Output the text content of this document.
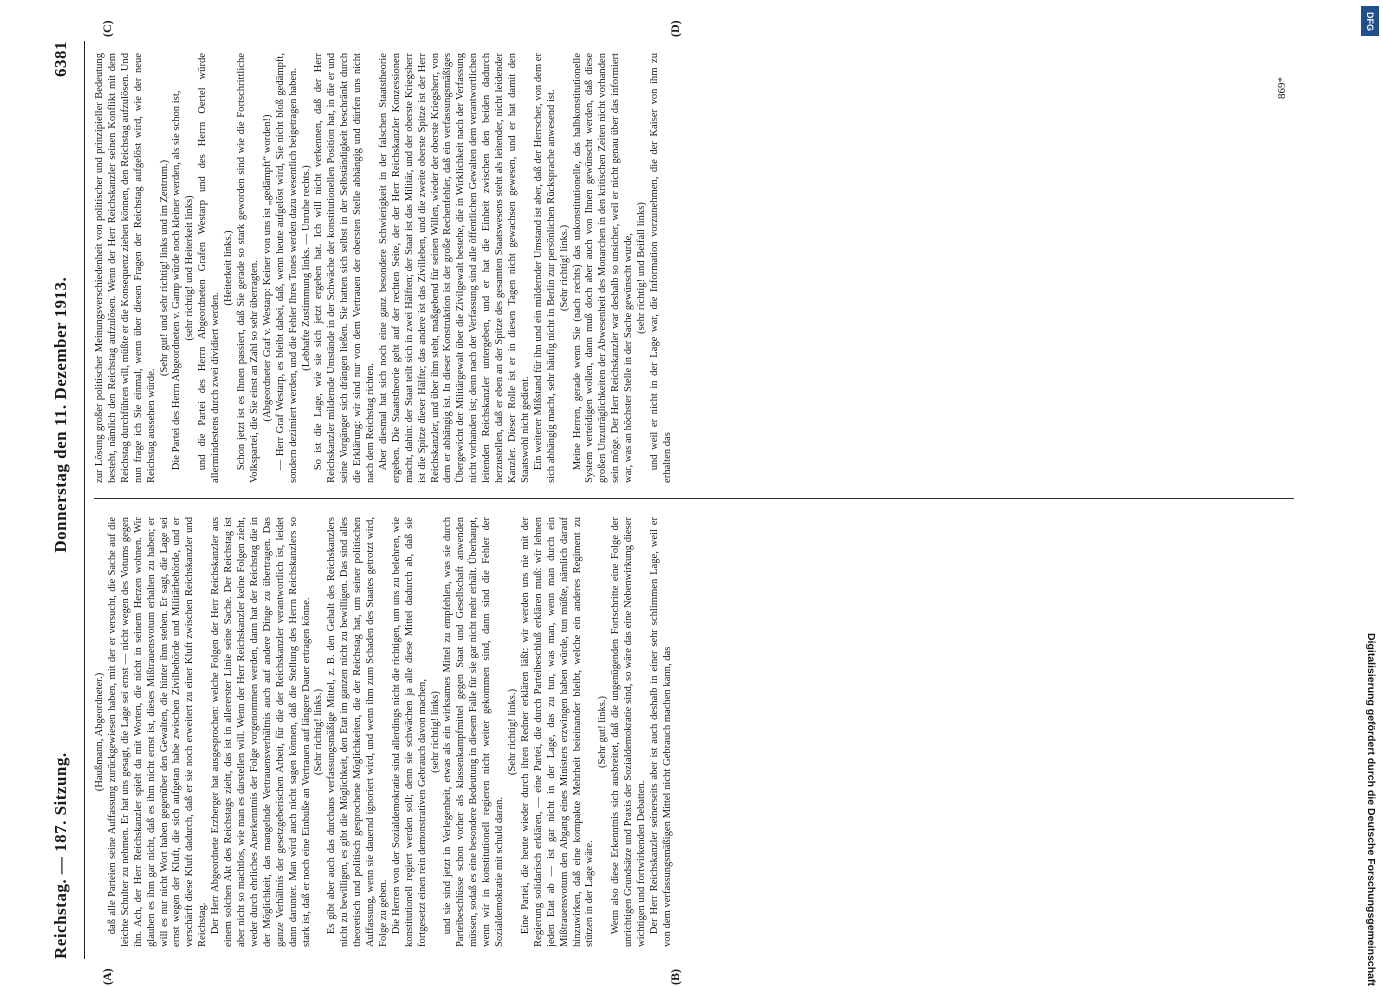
Reichstag. — 187. Sitzung.
Donnerstag den 11. Dezember 1913.
6381
(A)	(B)
(C)	(D)

(Haußmann, Abgeordneter.) daß alle Parteien seine Auffassung zurückgewiesen haben, mit der er versucht, die Sache auf die leichte Schulter zu nehmen. Er hat uns gesagt, die Lage sei ernst — nicht wegen des Votums gegen ihn. Ach, der Herr Reichskanzler spielt da mit Worten, die nicht in seinem Herzen wohnen. Wir glauben es ihm gar nicht, daß es ihm nicht ernst ist, dieses Mißtrauensvotum erhalten zu haben; er will es nur nicht Wort haben gegenüber den Gewalten, die hinter ihm stehen. Er sagt, die Lage sei ernst wegen der Kluft, die sich aufgetan habe zwischen Zivilbehörde und Militärbehörde, und er verschärft diese Kluft dadurch, daß er sie noch erweitert zu einer Kluft zwischen Reichskanzler und Reichstag. Der Herr Abgeordnete Erzberger hat ausgesprochen: welche Folgen der Herr Reichskanzler aus einem solchen Akt des Reichstags zieht, das ist in allererster Linie seine Sache. Der Reichstag ist aber nicht so machtlos, wie man es darstellen will. Wenn der Herr Reichskanzler keine Folgen zieht, weder durch ehrliches Anerkenntnis der Folge vorgenommen werden, dann hat der Reichstag die in der Möglichkeit, das mangelnde Vertrauensverhältnis auch auf andere Dinge zu übertragen. Das ganze Verhältnis der gesetzgeberischen Arbeit, für die der Reichskanzler verantwortlich ist, leidet dann darunter. Man wird auch nicht sagen können, daß die Stellung des Herrn Reichskanzlers so stark ist, daß er noch eine Einbuße an Vertrauen auf längere Dauer ertragen könne. (Sehr richtig! links.) Es gibt aber auch das durchaus verfassungsmäßige Mittel, z. B. den Gehalt des Reichskanzlers nicht zu bewilligen, es gibt die Möglichkeit, den Etat im ganzen nicht zu bewilligen. Das sind alles theoretisch und politisch gesprochene Möglichkeiten, die der Reichstag hat, um seiner politischen Auffassung, wenn sie dauernd ignoriert wird, und wenn ihm zum Schaden des Staates getrotzt wird, Folge zu geben. Die Herren von der Sozialdemokratie sind allerdings nicht die richtigen, um uns zu belehren, wie konstitutionell regiert werden soll; denn sie schwächen ja alle diese Mittel dadurch ab, daß sie fortgesetzt einen rein demonstrativen Gebrauch davon machen, (sehr richtig! links) und sie sind jetzt in Verlegenheit, etwas als ein wirksames Mittel zu empfehlen, was sie durch Parteibeschlüsse schon vorher als klassenkampfmittel gegen Staat und Gesellschaft anwenden müssen, sodaß es eine besondere Bedeutung in diesem Falle für sie gar nicht mehr erhält. Überhaupt, wenn wir in konstitutionell regieren nicht weiter gekommen sind, dann sind die Fehler der Sozialdemokratie mit schuld daran.

(Sehr richtig! links.) Eine Partei, die heute wieder durch ihren Redner erklären läßt: wir werden uns nie mit der Regierung solidarisch erklären, — eine Partei, die durch Parteibeschluß erklären muß: wir lehnen jeden Etat ab — ist gar nicht in der Lage, das zu tun, was man, wenn man durch ein Mißtrauensvotum den Abgang eines Ministers erzwingen haben würde, tun müßte, nämlich darauf hinzuwirken, daß eine kompakte Mehrheit beieinander bleibt, welche ein anderes Regiment zu stützen in der Lage wäre.

(Sehr gut! links.) Wenn also diese Erkenntnis sich ausbreitet, daß die ungenügenden Fortschritte eine Folge der unrichtigen Grundsätze und Praxis der Sozialdemokratie sind, so wäre das eine Nebenwirkung dieser wichtigen und fortwirkenden Debatten. Der Herr Reichskanzler seinerseits aber ist auch deshalb in einer sehr schlimmen Lage, weil er von dem verfassungsmäßigen Mittel nicht Gebrauch machen kann, das

zur Lösung großer politischer Meinungsverschiedenheit von politischer und prinzipieller Bedeutung besteht, nämlich den Reichstag aufzulösen. Wenn der Herr Reichskanzler seinen Konflikt mit dem Reichstag durchführen will, müßte er die Konsequenz ziehen können, den Reichstag aufzulösen. Und nun frage ich Sie einmal, wenn über diesen Fragen der Reichstag aufgelöst wird, wie der neue Reichstag aussehen würde.

(Sehr gut! und sehr richtig! links und im Zentrum.) Die Partei des Herrn Abgeordneten v. Gamp würde noch kleiner werden, als sie schon ist, (sehr richtig! und Heiterkeit links) und die Partei des Herrn Abgeordneten Grafen Westarp und des Herrn Oertel würde allermindestens durch zwei dividiert werden.

(Heiterkeit links.) Schon jetzt ist es Ihnen passiert, daß Sie gerade so stark geworden sind wie die Fortschrittliche Volkspartei, die Sie einst an Zahl so sehr überragten. (Abgeordneter Graf v. Westarp: Keiner von uns ist „gedämpft“ worden!) — Herr Graf Westarp, es bleibt dabei, daß, wenn heute aufgelöst wird, Sie nicht bloß gedämpft, sondern dezimiert werden, und die Fehler Ihres Tones werden dazu wesentlich beigetragen haben. (Lebhafte Zustimmung links. — Unruhe rechts.) So ist die Lage, wie sie sich jetzt ergeben hat. Ich will nicht verkennen, daß der Herr Reichskanzler mildernde Umstände in der Schwäche der konstitutionellen Position hat, in die er und seine Vorgänger sich drängen ließen. Sie hatten sich selbst in der Selbständigkeit beschränkt durch die Erklärung: wir sind nur von dem Vertrauen der obersten Stelle abhängig und dürfen uns nicht nach dem Reichstag richten. Aber diesmal hat sich noch eine ganz besondere Schwierigkeit in der falschen Staatstheorie ergeben. Die Staatstheorie geht auf der rechten Seite, der der Herr Reichskanzler Konzessionen macht, dahin: der Staat teilt sich in zwei Hälften; der Staat ist das Militär, und der oberste Kriegsherr ist die Spitze dieser Hälfte; das andere ist das Zivilleben, und die zweite oberste Spitze ist der Herr Reichskanzler, und über ihm steht, maßgebend für seinen Willen, wieder der oberste Kriegsherr, von dem er abhängig ist. In dieser Konstruktion ist der große Rechenfehler, daß ein verfassungsmäßiges Übergewicht der Militärgewalt über die Zivilgewalt bestehe, die in Wirklichkeit nach der Verfassung nicht vorhanden ist; denn nach der Verfassung sind alle öffentlichen Gewalten dem verantwortlichen leitenden Reichskanzler untergeben, und er hat die Einheit zwischen den beiden dadurch herzustellen, daß er eben an der Spitze des gesamten Staatswesens steht als leitender, nicht leidender Kanzler. Dieser Rolle ist er in diesen Tagen nicht gewachsen gewesen, und er hat damit den Staatswohl nicht gedient. Ein weiterer Mißstand für ihn und ein mildernder Umstand ist aber, daß der Herrscher, von dem er sich abhängig macht, sehr häufig nicht in Berlin zur persönlichen Rücksprache anwesend ist. (Sehr richtig! links.) Meine Herren, gerade wenn Sie (nach rechts) das unkonstitutionelle, das halbkonstitutionelle System verteidigen wollen, dann muß doch aber auch von Ihnen gewünscht werden, daß diese großen Unzuträglichkeiten der Abwesenheit des Monarchen in den kritischen Zeiten nicht vorhanden sein möge. Der Herr Reichskanzler war deshalb so unsicher, weil er nicht genau über das informiert war, was an höchster Stelle in der Sache gewünscht wurde, (sehr richtig! und Beifall links) und weil er nicht in der Lage war, die Information vorzunehmen, die der Kaiser von ihm zu erhalten das

869*
DFG
Digitalisierung gefördert durch die Deutsche Forschungsgemeinschaft
